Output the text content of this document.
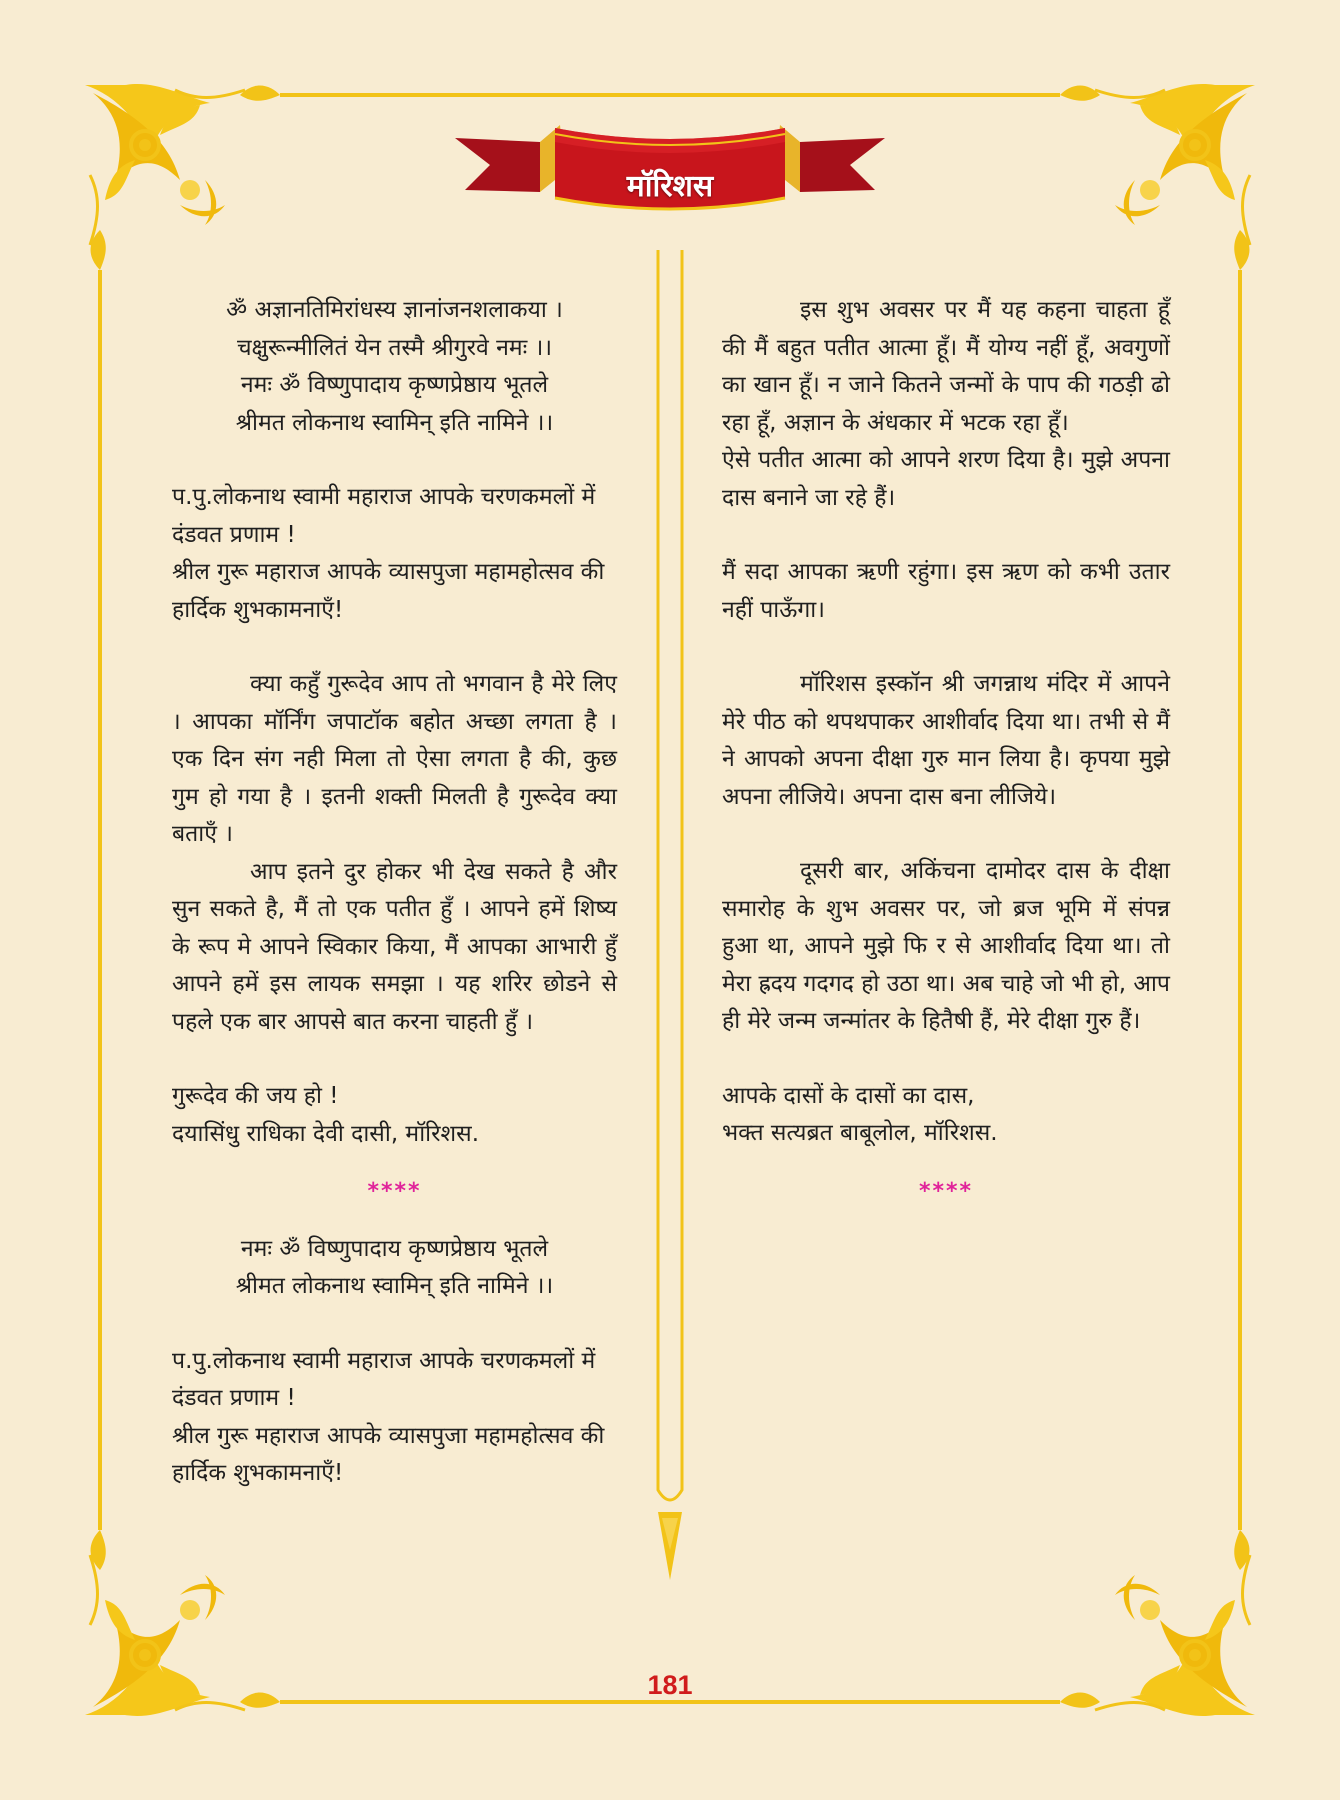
मॉरिशस

ॐ अज्ञानतिमिरांधस्य ज्ञानांजनशलाकया ।

चक्षुरून्मीलितं येन तस्मै श्रीगुरवे नमः ।।

नमः ॐ विष्णुपादाय कृष्णप्रेष्ठाय भूतले

श्रीमत लोकनाथ स्वामिन् इति नामिने ।।

प.पु.लोकनाथ स्वामी महाराज आपके चरणकमलों में दंडवत प्रणाम !

श्रील गुरू महाराज आपके व्यासपुजा महामहोत्सव की हार्दिक शुभकामनाएँ!

क्या कहुँ गुरूदेव आप तो भगवान है मेरे लिए । आपका मॉर्निंग जपाटॉक बहोत अच्छा लगता है । एक दिन संग नही मिला तो ऐसा लगता है की, कुछ गुम हो गया है । इतनी शक्ती मिलती है गुरूदेव क्या बताएँ ।

आप इतने दुर होकर भी देख सकते है और सुन सकते है, मैं तो एक पतीत हुँ । आपने हमें शिष्य के रूप मे आपने स्विकार किया, मैं आपका आभारी हुँ आपने हमें इस लायक समझा । यह शरिर छोडने से पहले एक बार आपसे बात करना चाहती हुँ ।

गुरूदेव की जय हो !

दयासिंधु राधिका देवी दासी, मॉरिशस.

****

नमः ॐ विष्णुपादाय कृष्णप्रेष्ठाय भूतले

श्रीमत लोकनाथ स्वामिन् इति नामिने ।।

प.पु.लोकनाथ स्वामी महाराज आपके चरणकमलों में दंडवत प्रणाम !

श्रील गुरू महाराज आपके व्यासपुजा महामहोत्सव की हार्दिक शुभकामनाएँ!

इस शुभ अवसर पर मैं यह कहना चाहता हूँ की मैं बहुत पतीत आत्मा हूँ। मैं योग्य नहीं हूँ, अवगुणों का खान हूँ। न जाने कितने जन्मों के पाप की गठड़ी ढो रहा हूँ, अज्ञान के अंधकार में भटक रहा हूँ।

ऐसे पतीत आत्मा को आपने शरण दिया है। मुझे अपना दास बनाने जा रहे हैं।

मैं सदा आपका ऋणी रहुंगा। इस ऋण को कभी उतार नहीं पाऊँगा।

मॉरिशस इस्कॉन श्री जगन्नाथ मंदिर में आपने मेरे पीठ को थपथपाकर आशीर्वाद दिया था। तभी से मैं ने आपको अपना दीक्षा गुरु मान लिया है। कृपया मुझे अपना लीजिये। अपना दास बना लीजिये।

दूसरी बार, अकिंचना दामोदर दास के दीक्षा समारोह के शुभ अवसर पर, जो ब्रज भूमि में संपन्न हुआ था, आपने मुझे फि र से आशीर्वाद दिया था। तो मेरा ह्रदय गदगद हो उठा था। अब चाहे जो भी हो, आप ही मेरे जन्म जन्मांतर के हितैषी हैं, मेरे दीक्षा गुरु हैं।

आपके दासों के दासों का दास,

भक्त सत्यब्रत बाबूलोल, मॉरिशस.

****

181
